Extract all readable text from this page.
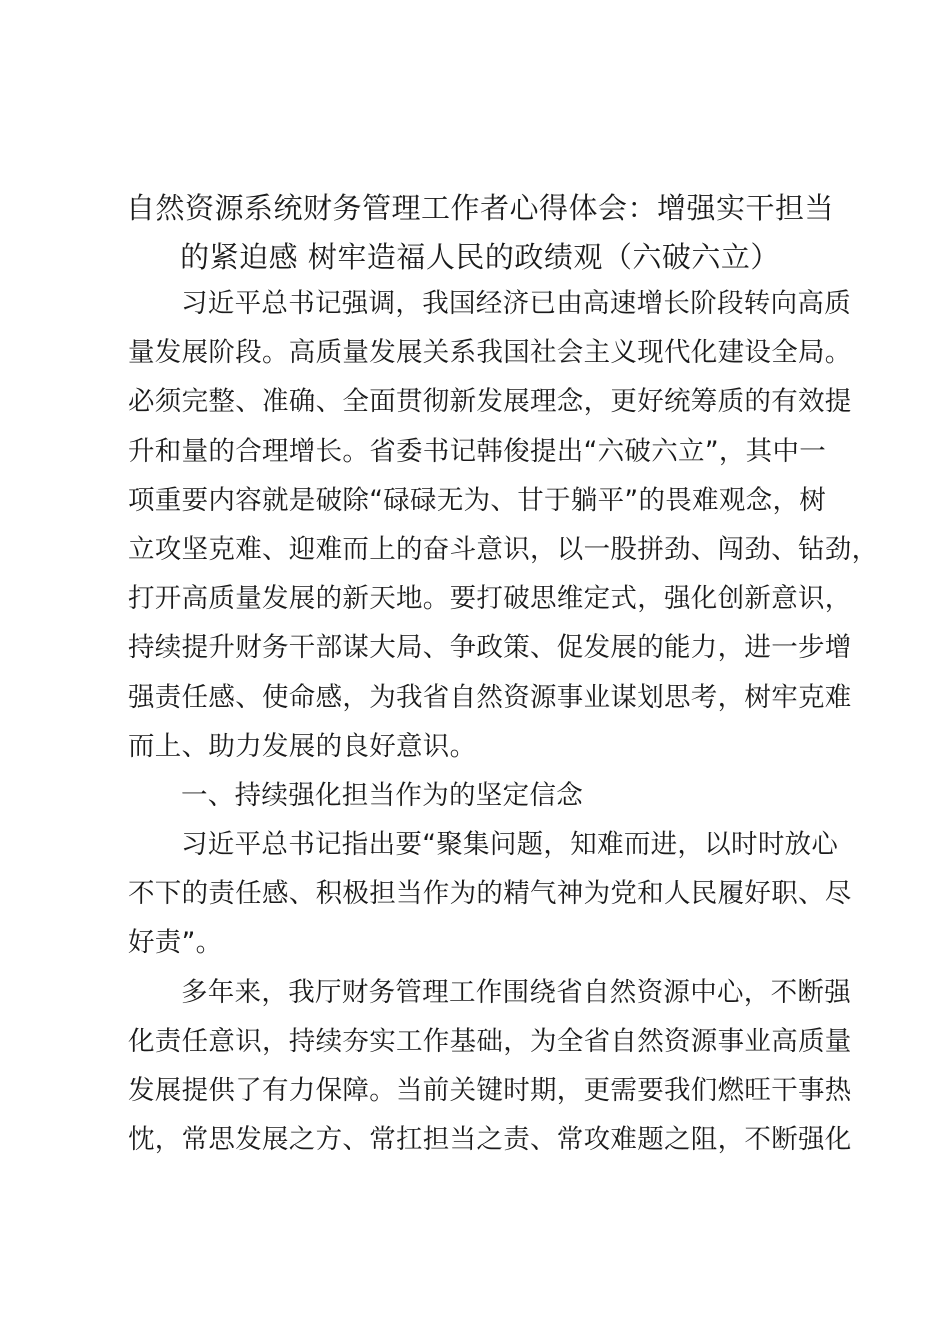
自然资源系统财务管理工作者心得体会：增强实干担当
的紧迫感 树牢造福人民的政绩观（六破六立）
习近平总书记强调，我国经济已由高速增长阶段转向高质
量发展阶段。高质量发展关系我国社会主义现代化建设全局。
必须完整、准确、全面贯彻新发展理念，更好统筹质的有效提
升和量的合理增长。省委书记韩俊提出“六破六立”，其中一
项重要内容就是破除“碌碌无为、甘于躺平”的畏难观念，树
立攻坚克难、迎难而上的奋斗意识，以一股拼劲、闯劲、钻劲，
打开高质量发展的新天地。要打破思维定式，强化创新意识，
持续提升财务干部谋大局、争政策、促发展的能力，进一步增
强责任感、使命感，为我省自然资源事业谋划思考，树牢克难
而上、助力发展的良好意识。
一、持续强化担当作为的坚定信念
习近平总书记指出要“聚集问题，知难而进，以时时放心
不下的责任感、积极担当作为的精气神为党和人民履好职、尽
好责”。
多年来，我厅财务管理工作围绕省自然资源中心，不断强
化责任意识，持续夯实工作基础，为全省自然资源事业高质量
发展提供了有力保障。当前关键时期，更需要我们燃旺干事热
忱，常思发展之方、常扛担当之责、常攻难题之阻，不断强化
